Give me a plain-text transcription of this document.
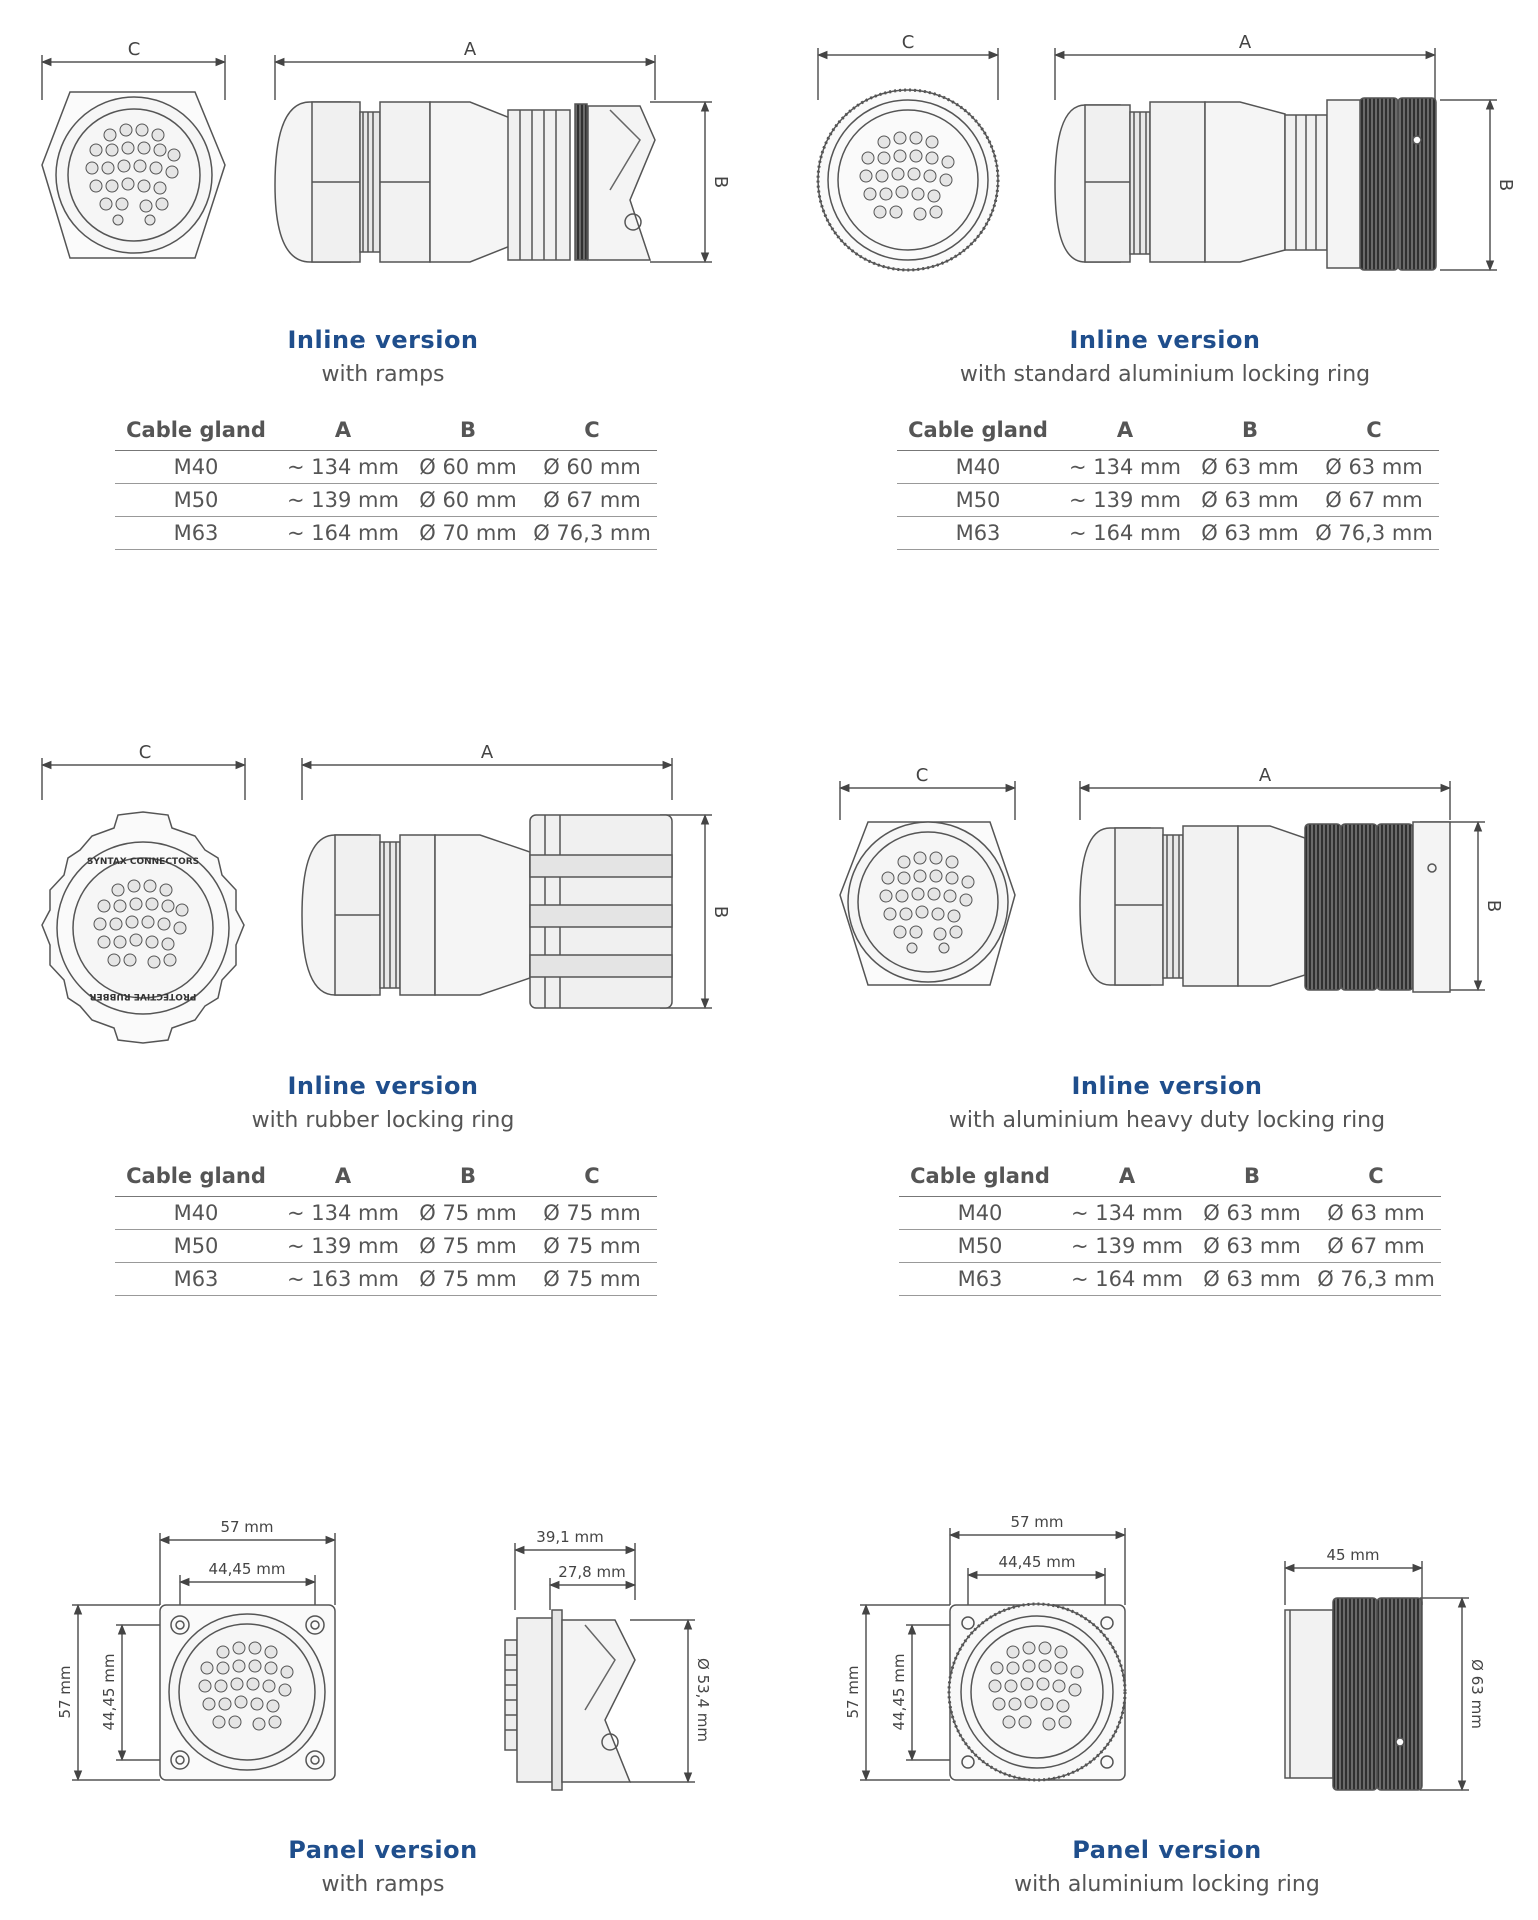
SYNTAX CONNECTORS
PROTECTIVE RUBBER
C	A
B
C	A
B
C	A
B
C	A
B
57 mm
44,45 mm
57 mm 44,45 mm
39,1 mm
27,8 mm
Ø 53,4 mm
57 mm
44,45 mm
57 mm 44,45 mm
45 mm
Ø 63 mm
Inline version
with ramps
Inline version
with standard aluminium locking ring
Inline version
with rubber locking ring
Inline version
with aluminium heavy duty locking ring
Panel version
with ramps
Panel version
with aluminium locking ring
Cable gland	A	B	C
M40	~ 134 mm	Ø 60 mm	Ø 60 mm
M50	~ 139 mm	Ø 60 mm	Ø 67 mm
M63	~ 164 mm	Ø 70 mm	Ø 76,3 mm
Cable gland	A	B	C
M40	~ 134 mm	Ø 63 mm	Ø 63 mm
M50	~ 139 mm	Ø 63 mm	Ø 67 mm
M63	~ 164 mm	Ø 63 mm	Ø 76,3 mm
Cable gland	A	B	C
M40	~ 134 mm	Ø 75 mm	Ø 75 mm
M50	~ 139 mm	Ø 75 mm	Ø 75 mm
M63	~ 163 mm	Ø 75 mm	Ø 75 mm
Cable gland	A	B	C
M40	~ 134 mm	Ø 63 mm	Ø 63 mm
M50	~ 139 mm	Ø 63 mm	Ø 67 mm
M63	~ 164 mm	Ø 63 mm	Ø 76,3 mm
